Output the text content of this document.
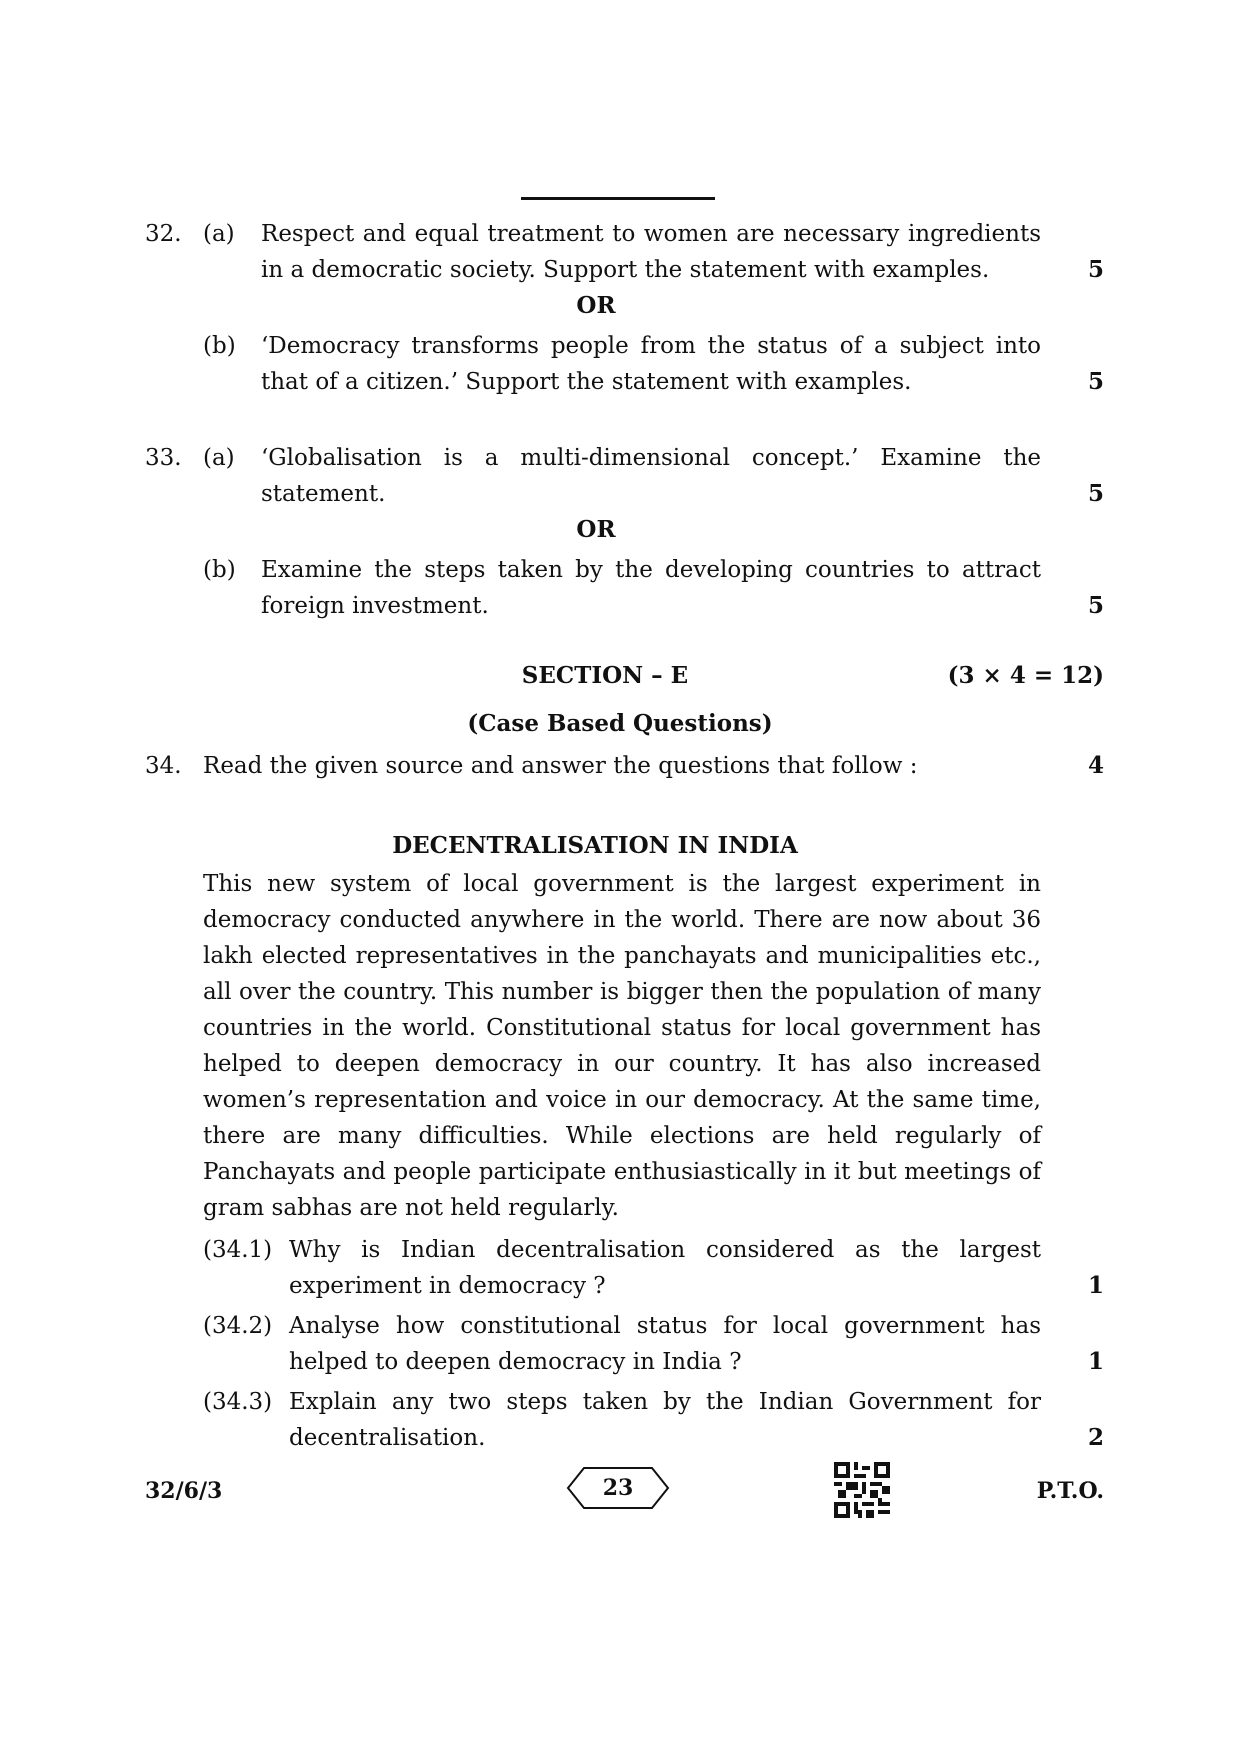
32. (a) Respect and equal treatment to women are necessary ingredients in a democratic society. Support the statement with examples.	5
OR
(b) ‘Democracy transforms people from the status of a subject into that of a citizen.’ Support the statement with examples.	5
33. (a) ‘Globalisation is a multi-dimensional concept.’ Examine the statement.	5
OR
(b) Examine the steps taken by the developing countries to attract foreign investment.	5
SECTION – E	(3 × 4 = 12)
(Case Based Questions)
34. Read the given source and answer the questions that follow :	4
DECENTRALISATION IN INDIA
This new system of local government is the largest experiment in democracy conducted anywhere in the world. There are now about 36 lakh elected representatives in the panchayats and municipalities etc., all over the country. This number is bigger then the population of many countries in the world. Constitutional status for local government has helped to deepen democracy in our country. It has also increased women’s representation and voice in our democracy. At the same time, there are many difficulties. While elections are held regularly of Panchayats and people participate enthusiastically in it but meetings of gram sabhas are not held regularly.
(34.1) Why is Indian decentralisation considered as the largest experiment in democracy ?	1
(34.2) Analyse how constitutional status for local government has helped to deepen democracy in India ?	1
(34.3) Explain any two steps taken by the Indian Government for decentralisation.	2
32/6/3	23	P.T.O.
